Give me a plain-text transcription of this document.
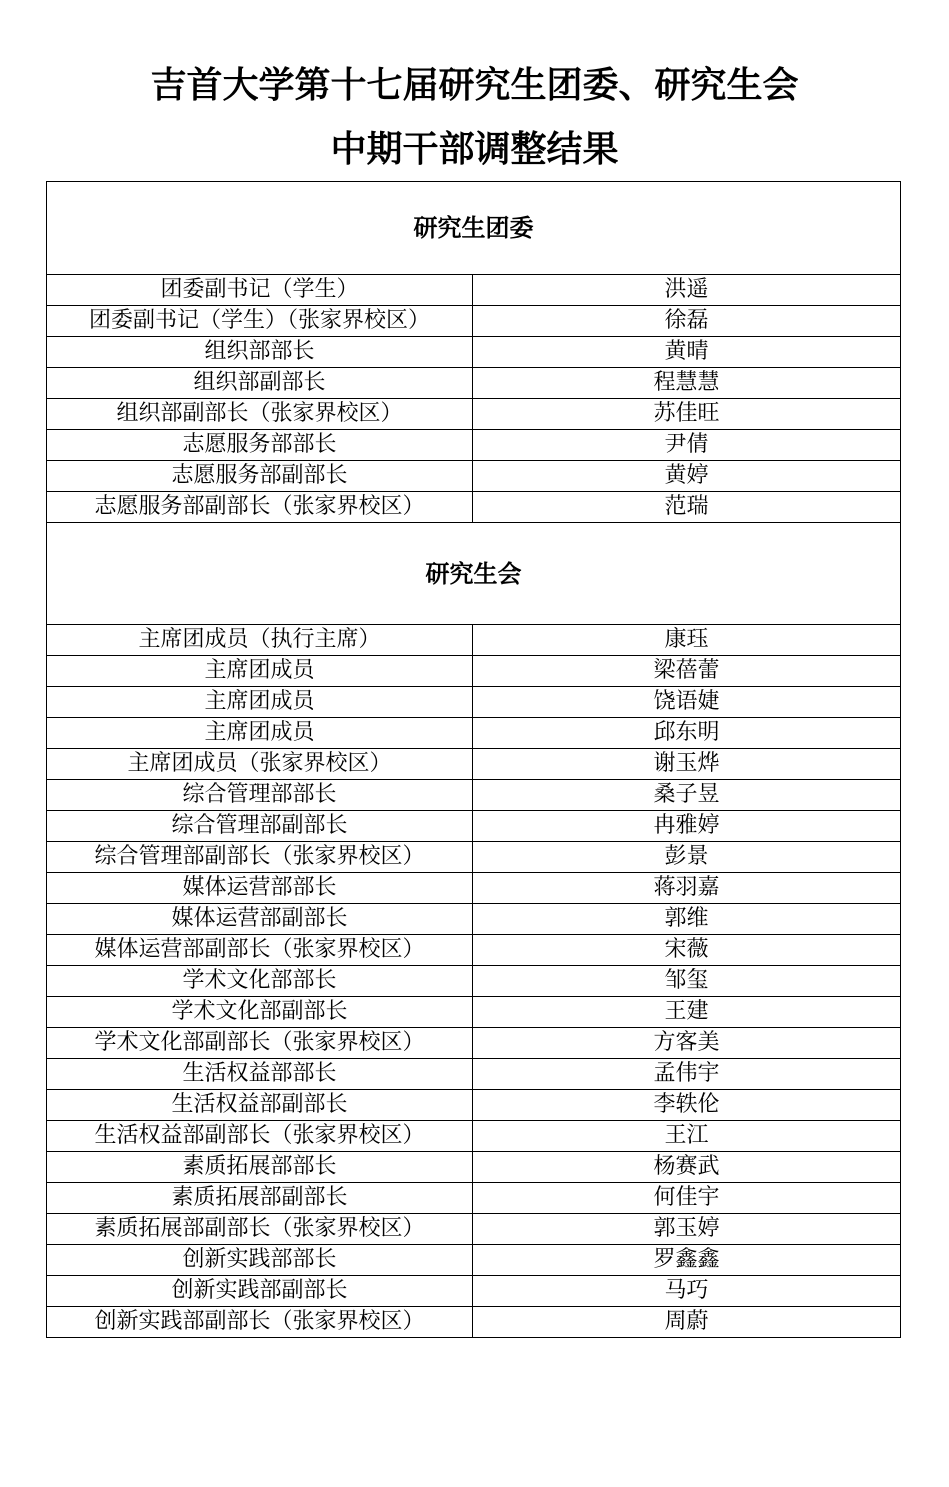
吉首大学第十七届研究生团委、研究生会
中期干部调整结果
研究生团委	
团委副书记（学生）	洪遥
团委副书记（学生）（张家界校区）	徐磊
组织部部长	黄晴
组织部副部长	程慧慧
组织部副部长（张家界校区）	苏佳旺
志愿服务部部长	尹倩
志愿服务部副部长	黄婷
志愿服务部副部长（张家界校区）	范瑞
研究生会	
主席团成员（执行主席）	康珏
主席团成员	梁蓓蕾
主席团成员	饶语婕
主席团成员	邱东明
主席团成员（张家界校区）	谢玉烨
综合管理部部长	桑子昱
综合管理部副部长	冉雅婷
综合管理部副部长（张家界校区）	彭景
媒体运营部部长	蒋羽嘉
媒体运营部副部长	郭维
媒体运营部副部长（张家界校区）	宋薇
学术文化部部长	邹玺
学术文化部副部长	王建
学术文化部副部长（张家界校区）	方客美
生活权益部部长	孟伟宇
生活权益部副部长	李轶伦
生活权益部副部长（张家界校区）	王江
素质拓展部部长	杨赛武
素质拓展部副部长	何佳宇
素质拓展部副部长（张家界校区）	郭玉婷
创新实践部部长	罗鑫鑫
创新实践部副部长	马巧
创新实践部副部长（张家界校区）	周蔚
